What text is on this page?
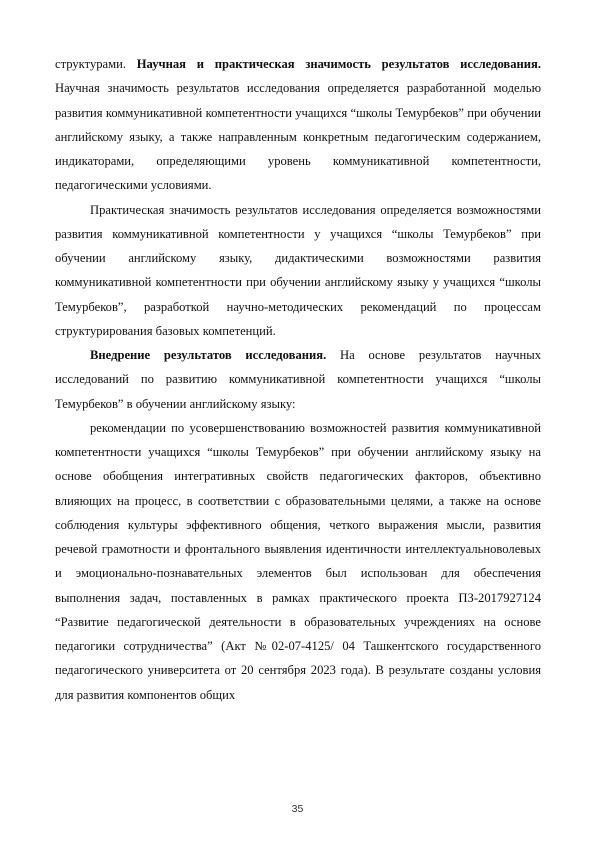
структурами. Научная и практическая значимость результатов исследования. Научная значимость результатов исследования определяется разработанной моделью развития коммуникативной компетентности учащихся “школы Темурбеков” при обучении английскому языку, а также направленным конкретным педагогическим содержанием, индикаторами, определяющими уровень коммуникативной компетентности, педагогическими условиями.

Практическая значимость результатов исследования определяется возможностями развития коммуникативной компетентности у учащихся “школы Темурбеков” при обучении английскому языку, дидактическими возможностями развития коммуникативной компетентности при обучении английскому языку у учащихся “школы Темурбеков”, разработкой научно-методических рекомендаций по процессам структурирования базовых компетенций.

Внедрение результатов исследования. На основе результатов научных исследований по развитию коммуникативной компетентности учащихся “школы Темурбеков” в обучении английскому языку:

рекомендации по усовершенствованию возможностей развития коммуникативной компетентности учащихся “школы Темурбеков” при обучении английскому языку на основе обобщения интегративных свойств педагогических факторов, объективно влияющих на процесс, в соответствии с образовательными целями, а также на основе соблюдения культуры эффективного общения, четкого выражения мысли, развития речевой грамотности и фронтального выявления идентичности интеллектуальноволевых и эмоционально-познавательных элементов был использован для обеспечения выполнения задач, поставленных в рамках практического проекта ПЗ-2017927124 “Развитие педагогической деятельности в образовательных учреждениях на основе педагогики сотрудничества” (Акт №02-07-4125/ 04 Ташкентского государственного педагогического университета от 20 сентября 2023 года). В результате созданы условия для развития компонентов общих

35
